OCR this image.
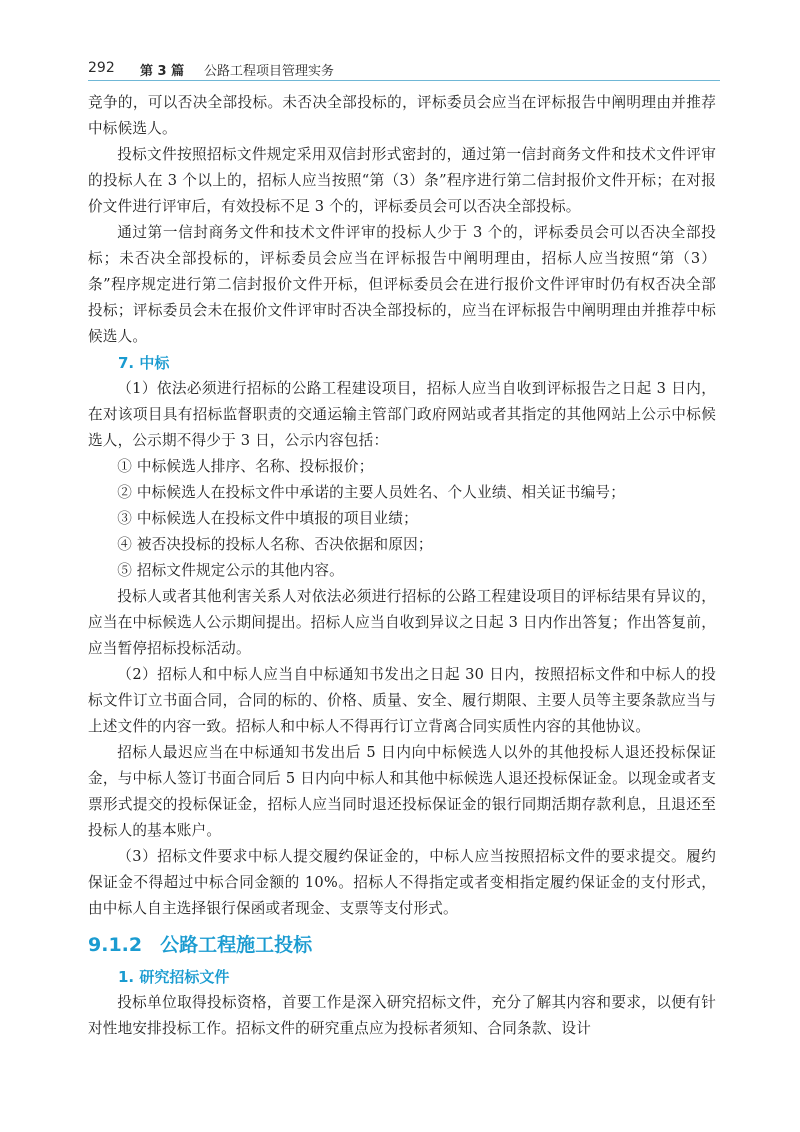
292 第 3 篇 公路工程项目管理实务

竞争的，可以否决全部投标。未否决全部投标的，评标委员会应当在评标报告中阐明理由并推荐中标候选人。

投标文件按照招标文件规定采用双信封形式密封的，通过第一信封商务文件和技术文件评审的投标人在 3 个以上的，招标人应当按照“第（3）条”程序进行第二信封报价文件开标；在对报价文件进行评审后，有效投标不足 3 个的，评标委员会可以否决全部投标。

通过第一信封商务文件和技术文件评审的投标人少于 3 个的，评标委员会可以否决全部投标；未否决全部投标的，评标委员会应当在评标报告中阐明理由，招标人应当按照“第（3）条”程序规定进行第二信封报价文件开标，但评标委员会在进行报价文件评审时仍有权否决全部投标；评标委员会未在报价文件评审时否决全部投标的，应当在评标报告中阐明理由并推荐中标候选人。

7. 中标

（1）依法必须进行招标的公路工程建设项目，招标人应当自收到评标报告之日起 3 日内，在对该项目具有招标监督职责的交通运输主管部门政府网站或者其指定的其他网站上公示中标候选人，公示期不得少于 3 日，公示内容包括：

① 中标候选人排序、名称、投标报价；

② 中标候选人在投标文件中承诺的主要人员姓名、个人业绩、相关证书编号；

③ 中标候选人在投标文件中填报的项目业绩；

④ 被否决投标的投标人名称、否决依据和原因；

⑤ 招标文件规定公示的其他内容。

投标人或者其他利害关系人对依法必须进行招标的公路工程建设项目的评标结果有异议的，应当在中标候选人公示期间提出。招标人应当自收到异议之日起 3 日内作出答复；作出答复前，应当暂停招标投标活动。

（2）招标人和中标人应当自中标通知书发出之日起 30 日内，按照招标文件和中标人的投标文件订立书面合同，合同的标的、价格、质量、安全、履行期限、主要人员等主要条款应当与上述文件的内容一致。招标人和中标人不得再行订立背离合同实质性内容的其他协议。

招标人最迟应当在中标通知书发出后 5 日内向中标候选人以外的其他投标人退还投标保证金，与中标人签订书面合同后 5 日内向中标人和其他中标候选人退还投标保证金。以现金或者支票形式提交的投标保证金，招标人应当同时退还投标保证金的银行同期活期存款利息，且退还至投标人的基本账户。

（3）招标文件要求中标人提交履约保证金的，中标人应当按照招标文件的要求提交。履约保证金不得超过中标合同金额的 10%。招标人不得指定或者变相指定履约保证金的支付形式，由中标人自主选择银行保函或者现金、支票等支付形式。

9.1.2 公路工程施工投标
1. 研究招标文件

投标单位取得投标资格，首要工作是深入研究招标文件，充分了解其内容和要求，以便有针对性地安排投标工作。招标文件的研究重点应为投标者须知、合同条款、设计
